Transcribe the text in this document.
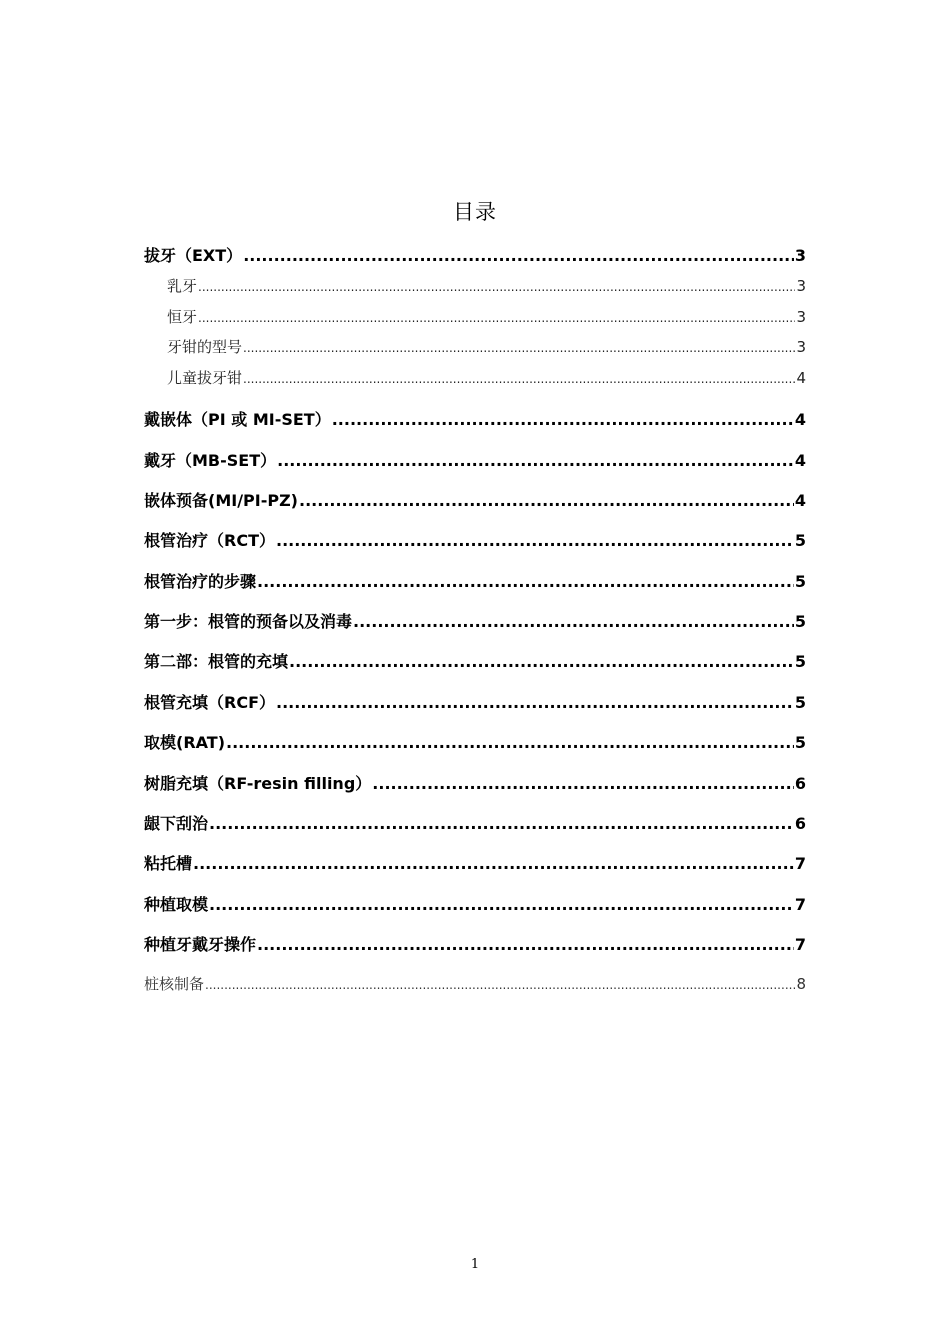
目录
拔牙（EXT） .....	3
乳牙 .....	3
恒牙 .....	3
牙钳的型号 .....	3
儿童拔牙钳 .....	4
戴嵌体（PI 或 MI-SET） .....	4
戴牙（MB-SET） .....	4
嵌体预备(MI/PI-PZ) .....	4
根管治疗（RCT） .....	5
根管治疗的步骤 .....	5
第一步：根管的预备以及消毒 .....	5
第二部：根管的充填 .....	5
根管充填（RCF） .....	5
取模(RAT) .....	5
树脂充填（RF-resin filling） .....	6
龈下刮治 .....	6
粘托槽 .....	7
种植取模 .....	7
种植牙戴牙操作 .....	7
桩核制备 .....	8
1
